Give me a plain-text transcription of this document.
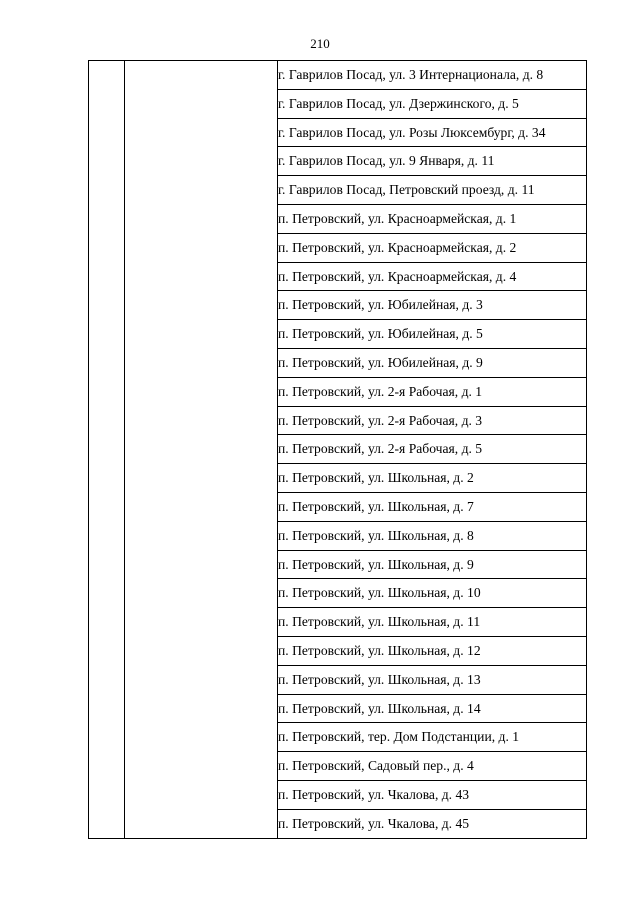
210
		г. Гаврилов Посад, ул. 3 Интернационала, д. 8
г. Гаврилов Посад, ул. Дзержинского, д. 5
г. Гаврилов Посад, ул. Розы Люксембург, д. 34
г. Гаврилов Посад, ул. 9 Января, д. 11
г. Гаврилов Посад, Петровский проезд, д. 11
п. Петровский, ул. Красноармейская, д. 1
п. Петровский, ул. Красноармейская, д. 2
п. Петровский, ул. Красноармейская, д. 4
п. Петровский, ул. Юбилейная, д. 3
п. Петровский, ул. Юбилейная, д. 5
п. Петровский, ул. Юбилейная, д. 9
п. Петровский, ул. 2-я Рабочая, д. 1
п. Петровский, ул. 2-я Рабочая, д. 3
п. Петровский, ул. 2-я Рабочая, д. 5
п. Петровский, ул. Школьная, д. 2
п. Петровский, ул. Школьная, д. 7
п. Петровский, ул. Школьная, д. 8
п. Петровский, ул. Школьная, д. 9
п. Петровский, ул. Школьная, д. 10
п. Петровский, ул. Школьная, д. 11
п. Петровский, ул. Школьная, д. 12
п. Петровский, ул. Школьная, д. 13
п. Петровский, ул. Школьная, д. 14
п. Петровский, тер. Дом Подстанции, д. 1
п. Петровский, Садовый пер., д. 4
п. Петровский, ул. Чкалова, д. 43
п. Петровский, ул. Чкалова, д. 45
